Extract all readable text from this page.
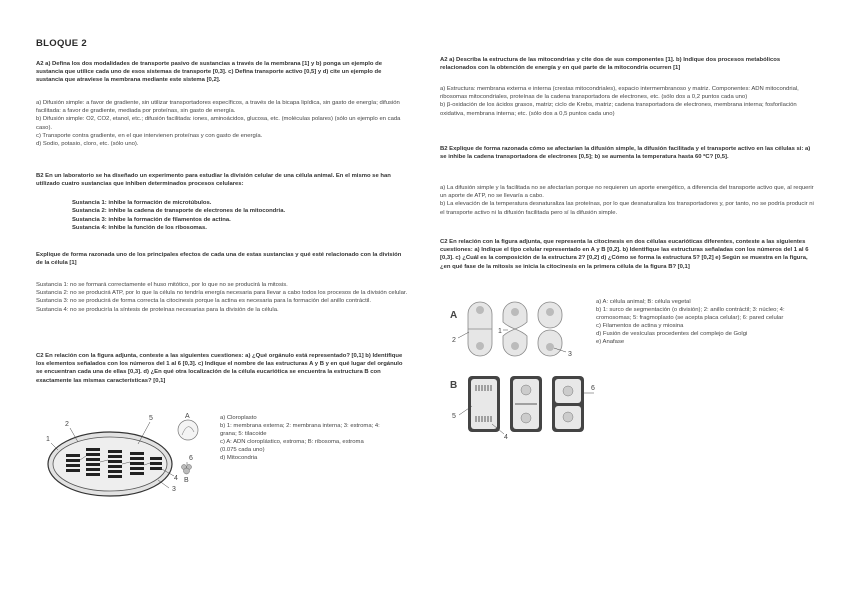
BLOQUE 2
A2 a) Defina los dos modalidades de transporte pasivo de sustancias a través de la membrana [1] y b) ponga un ejemplo de sustancia que utilice cada uno de esos sistemas de transporte [0,3]. c) Defina transporte activo [0,5] y d) cite un ejemplo de sustancia que atraviese la membrana mediante este sistema [0,2].
a) Difusión simple: a favor de gradiente, sin utilizar transportadores específicos, a través de la bicapa lipídica, sin gasto de energía; difusión facilitada: a favor de gradiente, mediada por proteínas, sin gasto de energía.
b) Difusión simple: O2, CO2, etanol, etc.; difusión facilitada: iones, aminoácidos, glucosa, etc. (moléculas polares) (sólo un ejemplo en cada caso).
c) Transporte contra gradiente, en el que intervienen proteínas y con gasto de energía.
d) Sodio, potasio, cloro, etc. (sólo uno).
B2 En un laboratorio se ha diseñado un experimento para estudiar la división celular de una célula animal. En el mismo se han utilizado cuatro sustancias que inhiben determinados procesos celulares:
Sustancia 1: inhibe la formación de microtúbulos.
Sustancia 2: inhibe la cadena de transporte de electrones de la mitocondria.
Sustancia 3: inhibe la formación de filamentos de actina.
Sustancia 4: inhibe la función de los ribosomas.
Explique de forma razonada uno de los principales efectos de cada una de estas sustancias y qué esté relacionado con la división de la célula [1]
Sustancia 1: no se formará correctamente el huso mitótico, por lo que no se producirá la mitosis.
Sustancia 2: no se producirá ATP, por lo que la célula no tendría energía necesaria para llevar a cabo todos los procesos de la división celular.
Sustancia 3: no se producirá de forma correcta la citocinesis porque la actina es necesaria para la formación del anillo contráctil.
Sustancia 4: no se produciría la síntesis de proteínas necesarias para la división de la célula.
C2 En relación con la figura adjunta, conteste a las siguientes cuestiones: a) ¿Qué orgánulo está representado? [0,1] b) Identifique los elementos señalados con los números del 1 al 6 [0,3]. c) Indique el nombre de las estructuras A y B y en qué lugar del orgánulo se encuentran cada una de ellas [0,3]. d) ¿En qué otra localización de la célula eucariótica se encuentra la estructura B con exactamente las mismas características? [0,1]
1
2
3
4
5
6
A
B
a) Cloroplasto
b) 1: membrana externa; 2: membrana interna; 3: estroma; 4: grana; 5: tilacoide
c) A: ADN cloroplástico, estroma; B: ribosoma, estroma (0.075 cada uno)
d) Mitocondria
A2 a) Describa la estructura de las mitocondrias y cite dos de sus componentes [1]. b) Indique dos procesos metabólicos relacionados con la obtención de energía y en qué parte de la mitocondria ocurren [1]
a) Estructura: membrana externa e interna (crestas mitocondriales), espacio intermembranoso y matriz. Componentes: ADN mitocondrial, ribosomas mitocondriales, proteínas de la cadena transportadora de electrones, etc. (sólo dos a 0,2 puntos cada uno)
b) β-oxidación de los ácidos grasos, matriz; ciclo de Krebs, matriz; cadena transportadora de electrones, membrana interna; fosforilación oxidativa, membrana interna; etc. (sólo dos a 0,5 puntos cada uno)
B2 Explique de forma razonada cómo se afectarían la difusión simple, la difusión facilitada y el transporte activo en las células si: a) se inhibe la cadena transportadora de electrones [0,5]; b) se aumenta la temperatura hasta 60 ºC? [0,5].
a) La difusión simple y la facilitada no se afectarían porque no requieren un aporte energético, a diferencia del transporte activo que, al requerir un aporte de ATP, no se llevaría a cabo.
b) La elevación de la temperatura desnaturaliza las proteínas, por lo que desnaturaliza los transportadores y, por tanto, no se podría producir ni el transporte activo ni la difusión facilitada pero sí la difusión simple.
C2 En relación con la figura adjunta, que representa la citocinesis en dos células eucarióticas diferentes, conteste a las siguientes cuestiones: a) Indique el tipo celular representado en A y B [0,2]. b) Identifique las estructuras señaladas con los números del 1 al 6 [0,3]. c) ¿Cuál es la composición de la estructura 2? [0,2] d) ¿Cómo se forma la estructura 5? [0,2] e) Según se muestra en la figura, ¿en qué fase de la mitosis se inicia la citocinesis en la primera célula de la figura B? [0,1]
A
2
1
3
B
5
4
6
a) A: célula animal; B: célula vegetal
b) 1: surco de segmentación (o división); 2: anillo contráctil; 3: núcleo; 4: cromosomas; 5: fragmoplasto (se acepta placa celular); 6: pared celular
c) Filamentos de actina y miosina
d) Fusión de vesículas procedentes del complejo de Golgi
e) Anafase
